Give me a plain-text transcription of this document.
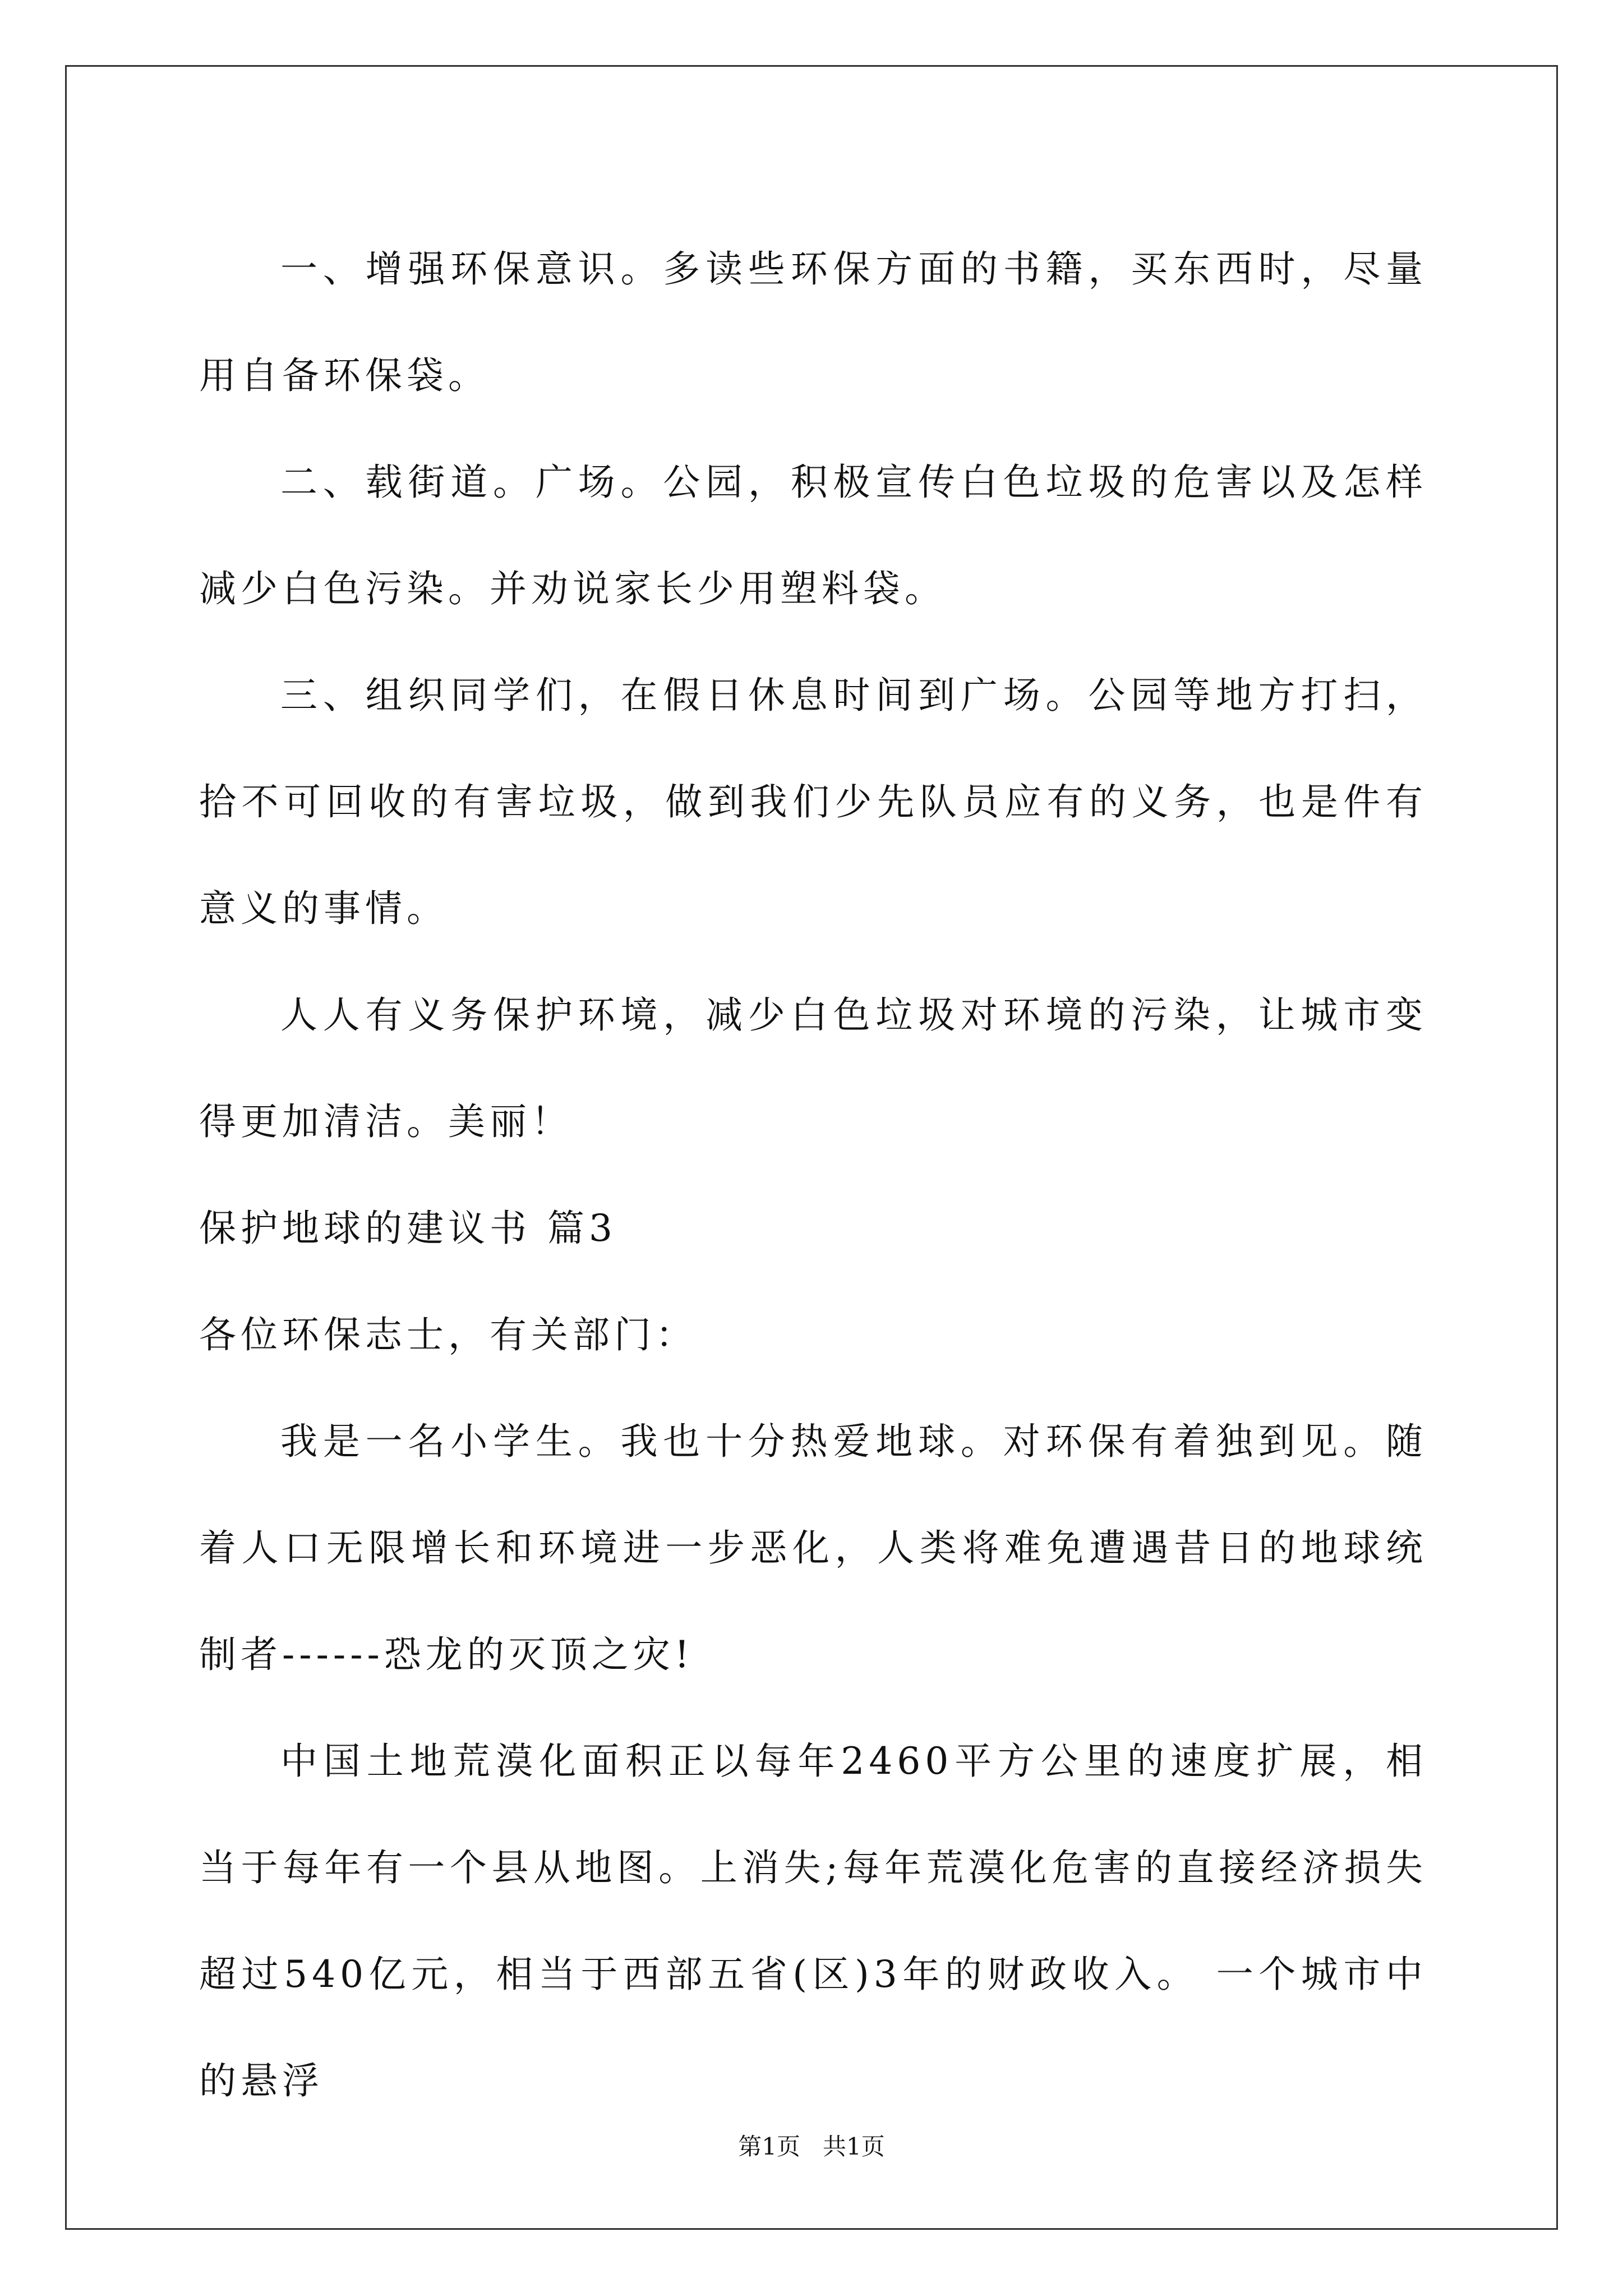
一、增强环保意识。多读些环保方面的书籍，买东西时，尽量用自备环保袋。

二、载街道。广场。公园，积极宣传白色垃圾的危害以及怎样减少白色污染。并劝说家长少用塑料袋。

三、组织同学们，在假日休息时间到广场。公园等地方打扫，拾不可回收的有害垃圾，做到我们少先队员应有的义务，也是件有意义的事情。

人人有义务保护环境，减少白色垃圾对环境的污染，让城市变得更加清洁。美丽！

保护地球的建议书 篇3

各位环保志士，有关部门：

我是一名小学生。我也十分热爱地球。对环保有着独到见。随着人口无限增长和环境进一步恶化，人类将难免遭遇昔日的地球统制者------恐龙的灭顶之灾!

中国土地荒漠化面积正以每年2460平方公里的速度扩展，相当于每年有一个县从地图。上消失;每年荒漠化危害的直接经济损失超过540亿元，相当于西部五省(区)3年的财政收入。 一个城市中的悬浮

第1页 共1页
